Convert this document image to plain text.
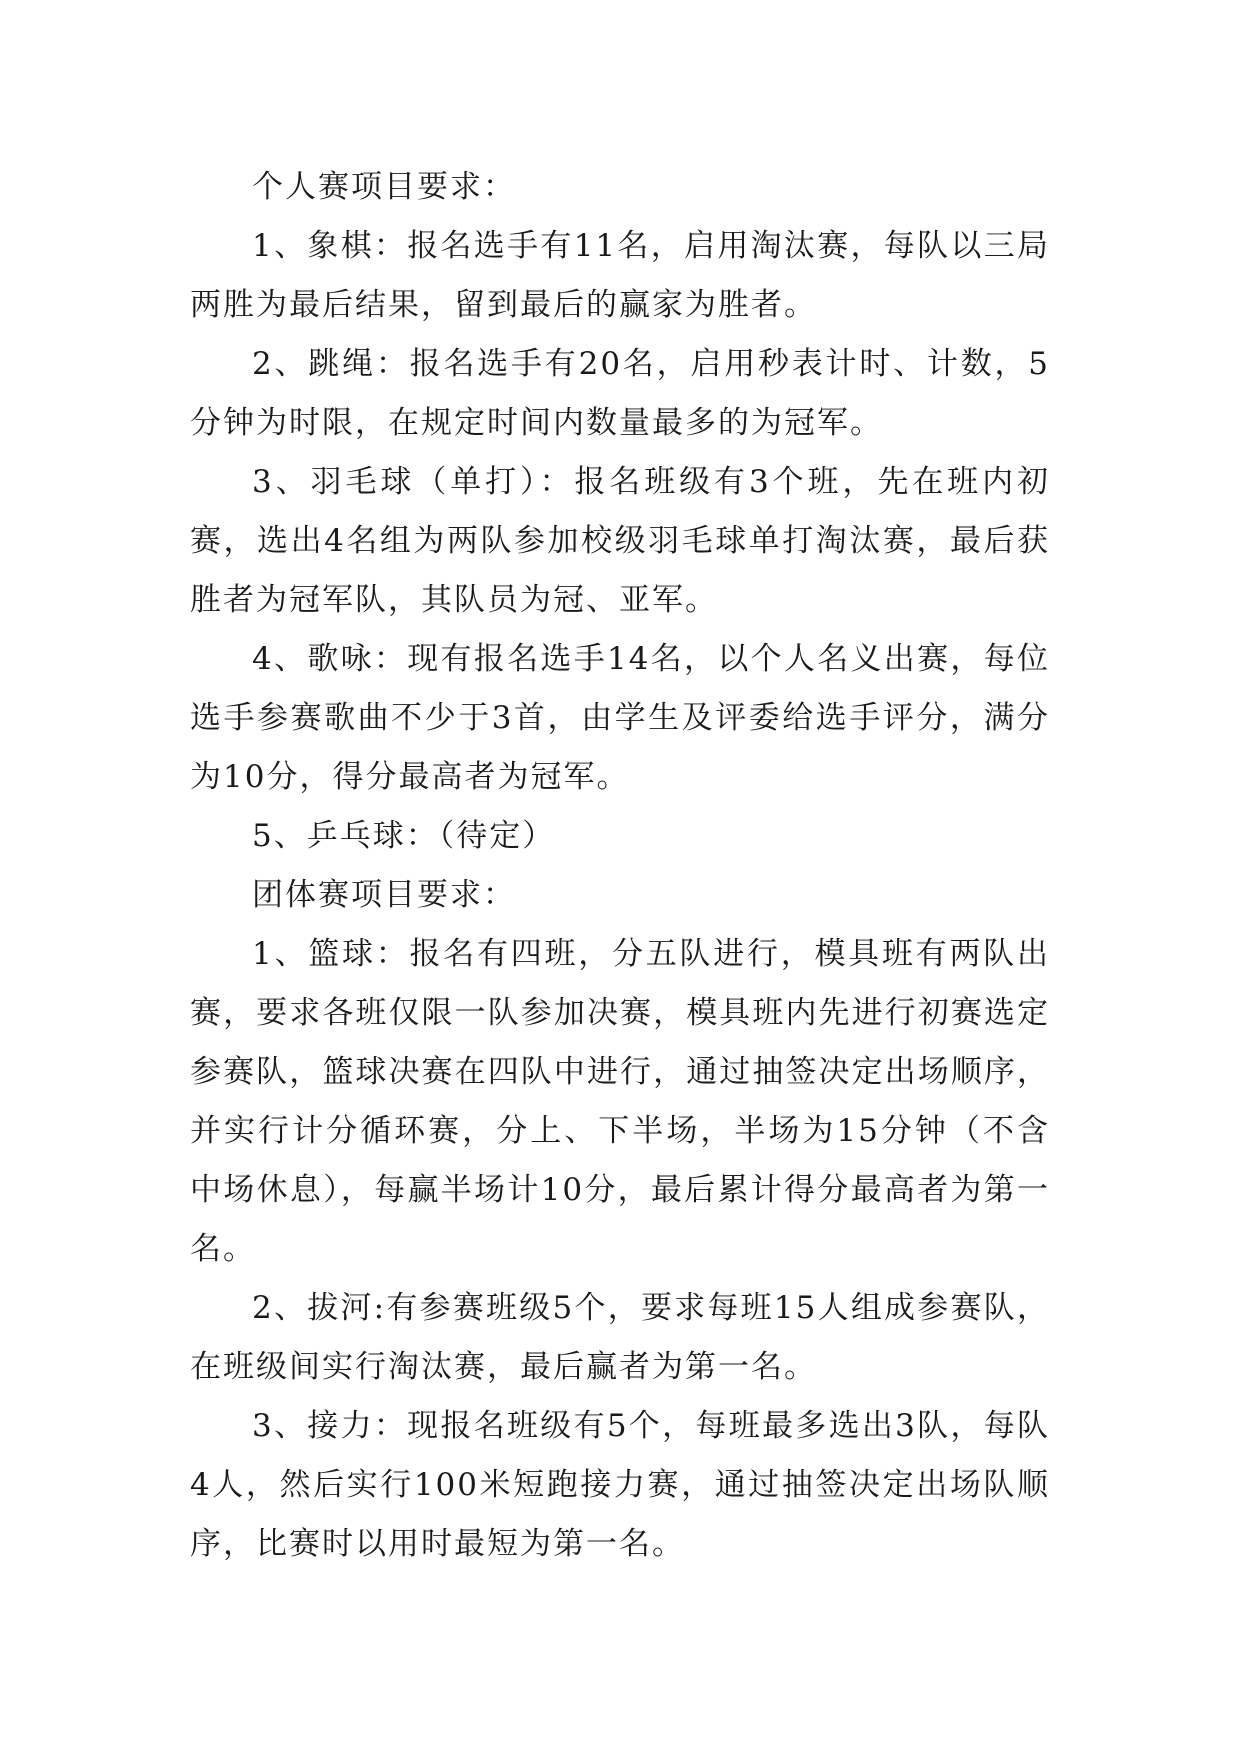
个人赛项目要求：

1、象棋：报名选手有11名，启用淘汰赛，每队以三局两胜为最后结果，留到最后的赢家为胜者。

2、跳绳：报名选手有20名，启用秒表计时、计数，5分钟为时限，在规定时间内数量最多的为冠军。

3、羽毛球（单打）：报名班级有3个班，先在班内初赛，选出4名组为两队参加校级羽毛球单打淘汰赛，最后获胜者为冠军队，其队员为冠、亚军。

4、歌咏：现有报名选手14名，以个人名义出赛，每位选手参赛歌曲不少于3首，由学生及评委给选手评分，满分为10分，得分最高者为冠军。

5、乒乓球：（待定）

团体赛项目要求：

1、篮球：报名有四班，分五队进行，模具班有两队出赛，要求各班仅限一队参加决赛，模具班内先进行初赛选定参赛队，篮球决赛在四队中进行，通过抽签决定出场顺序，并实行计分循环赛，分上、下半场，半场为15分钟（不含中场休息），每赢半场计10分，最后累计得分最高者为第一名。

2、拔河:有参赛班级5个，要求每班15人组成参赛队，在班级间实行淘汰赛，最后赢者为第一名。

3、接力：现报名班级有5个，每班最多选出3队，每队4人，然后实行100米短跑接力赛，通过抽签决定出场队顺序，比赛时以用时最短为第一名。
